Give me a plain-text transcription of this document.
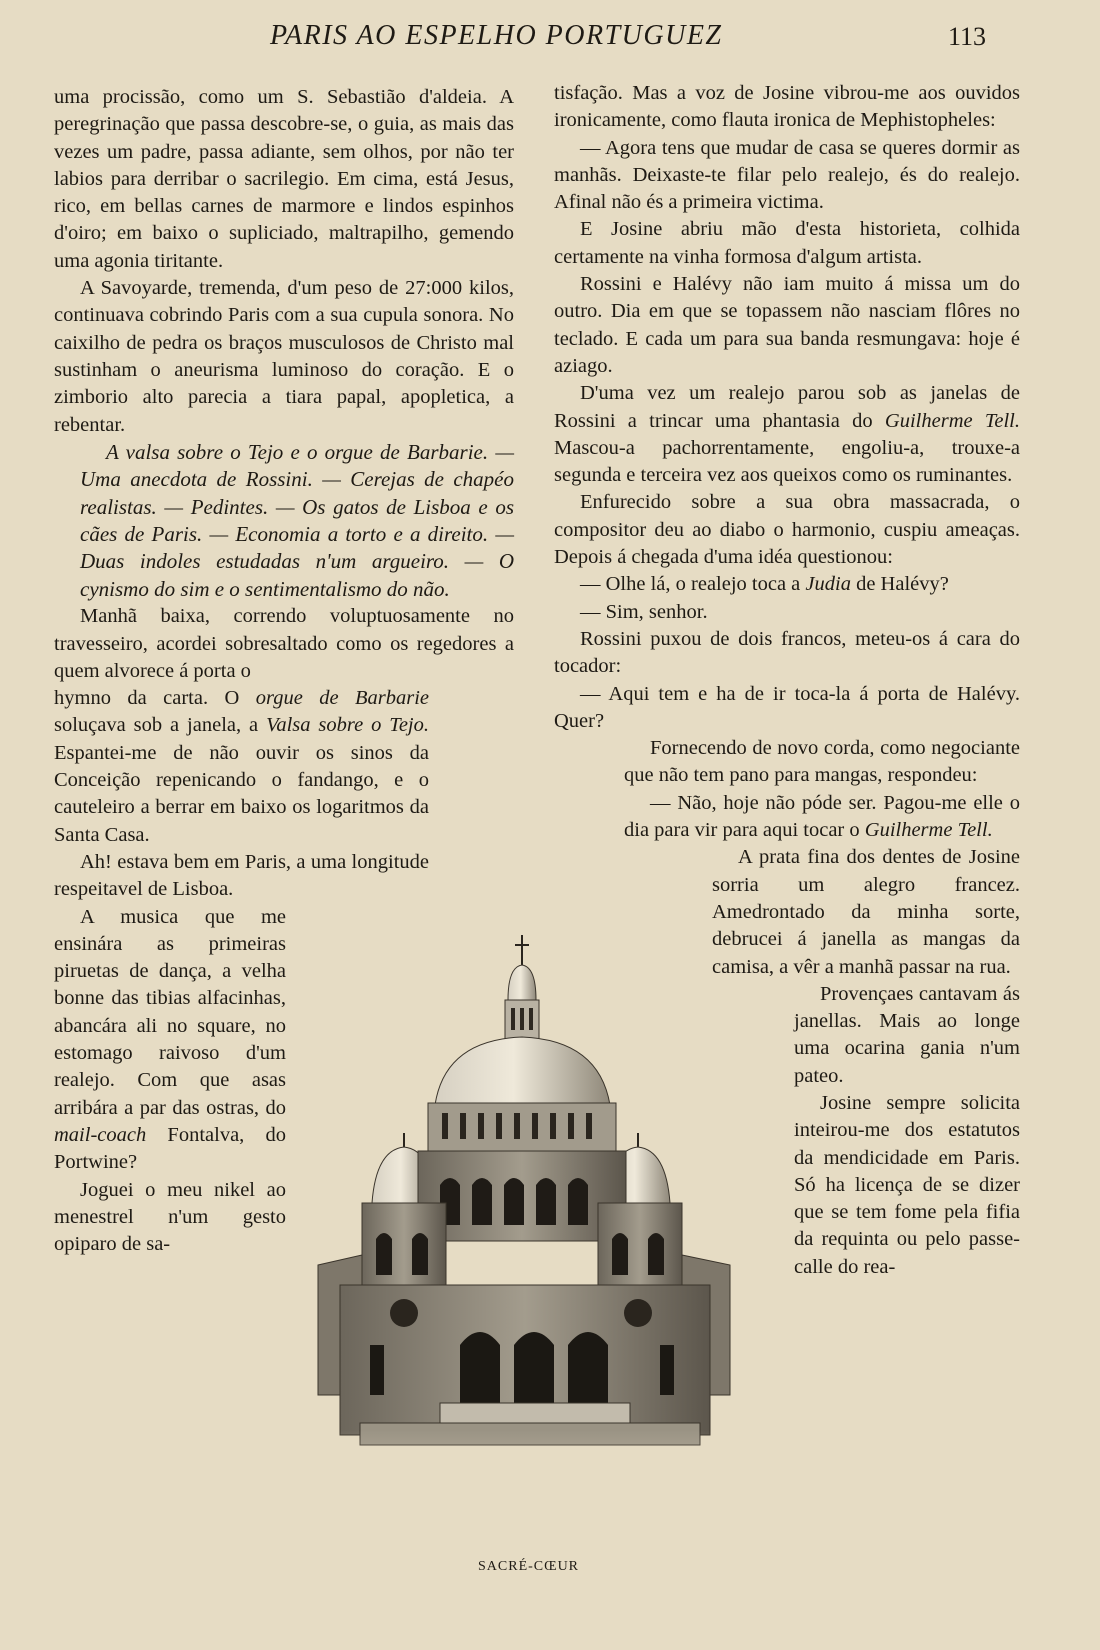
PARIS AO ESPELHO PORTUGUEZ	113

uma procissão, como um S. Sebastião d'aldeia. A peregrinação que passa descobre-se, o guia, as mais das vezes um padre, passa adiante, sem olhos, por não ter labios para derribar o sacrilegio. Em cima, está Jesus, rico, em bellas carnes de marmore e lindos espinhos d'oiro; em baixo o supliciado, maltrapilho, gemendo uma agonia tiritante.

A Savoyarde, tremenda, d'um peso de 27:000 kilos, continuava cobrindo Paris com a sua cupula sonora. No caixilho de pedra os braços musculosos de Christo mal sustinham o aneurisma luminoso do coração. E o zimborio alto parecia a tiara papal, apopletica, a rebentar.

A valsa sobre o Tejo e o orgue de Barbarie. — Uma anecdota de Rossini. — Cerejas de chapéo realistas. — Pedintes. — Os gatos de Lisboa e os cães de Paris. — Economia a torto e a direito. — Duas indoles estudadas n'um argueiro. — O cynismo do sim e o sentimentalismo do não.

Manhã baixa, correndo voluptuosamente no travesseiro, acordei sobresaltado como os regedores a quem alvorece á porta o

hymno da carta. O orgue de Barbarie soluçava sob a janela, a Valsa sobre o Tejo. Espantei-me de não ouvir os sinos da Conceição repenicando o fandango, e o cauteleiro a berrar em baixo os logaritmos da Santa Casa.

Ah! estava bem em Paris, a uma longitude respeitavel de Lisboa.

A musica que me ensinára as primeiras piruetas de dança, a velha bonne das tibias alfacinhas, abancára ali no square, no estomago raivoso d'um realejo. Com que asas arribára a par das ostras, do mail-coach Fontalva, do Portwine?

Joguei o meu nikel ao menestrel n'um gesto opiparo de sa-

tisfação. Mas a voz de Josine vibrou-me aos ouvidos ironicamente, como flauta ironica de Mephistopheles:

— Agora tens que mudar de casa se queres dormir as manhãs. Deixaste-te filar pelo realejo, és do realejo. Afinal não és a primeira victima.

E Josine abriu mão d'esta historieta, colhida certamente na vinha formosa d'algum artista.

Rossini e Halévy não iam muito á missa um do outro. Dia em que se topassem não nasciam flôres no teclado. E cada um para sua banda resmungava: hoje é aziago.

D'uma vez um realejo parou sob as janelas de Rossini a trincar uma phantasia do Guilherme Tell. Mascou-a pachorrentamente, engoliu-a, trouxe-a segunda e terceira vez aos queixos como os ruminantes.

Enfurecido sobre a sua obra massacrada, o compositor deu ao diabo o harmonio, cuspiu ameaças. Depois á chegada d'uma idéa questionou:

— Olhe lá, o realejo toca a Judia de Halévy?

— Sim, senhor.

Rossini puxou de dois francos, meteu-os á cara do tocador:

— Aqui tem e ha de ir toca-la á porta de Halévy. Quer?

Fornecendo de novo corda, como negociante que não tem pano para mangas, respondeu:

— Não, hoje não póde ser. Pagou-me elle o dia para vir para aqui tocar o Guilherme Tell.

A prata fina dos dentes de Josine sorria um alegro francez. Amedrontado da minha sorte, debrucei á janella as mangas da camisa, a vêr a manhã passar na rua.

Provençaes cantavam ás janellas. Mais ao longe uma ocarina gania n'um pateo.

Josine sempre solicita inteirou-me dos estatutos da mendicidade em Paris. Só ha licença de se dizer que se tem fome pela fifia da requinta ou pelo passe-calle do rea-

SACRÉ-CŒUR
